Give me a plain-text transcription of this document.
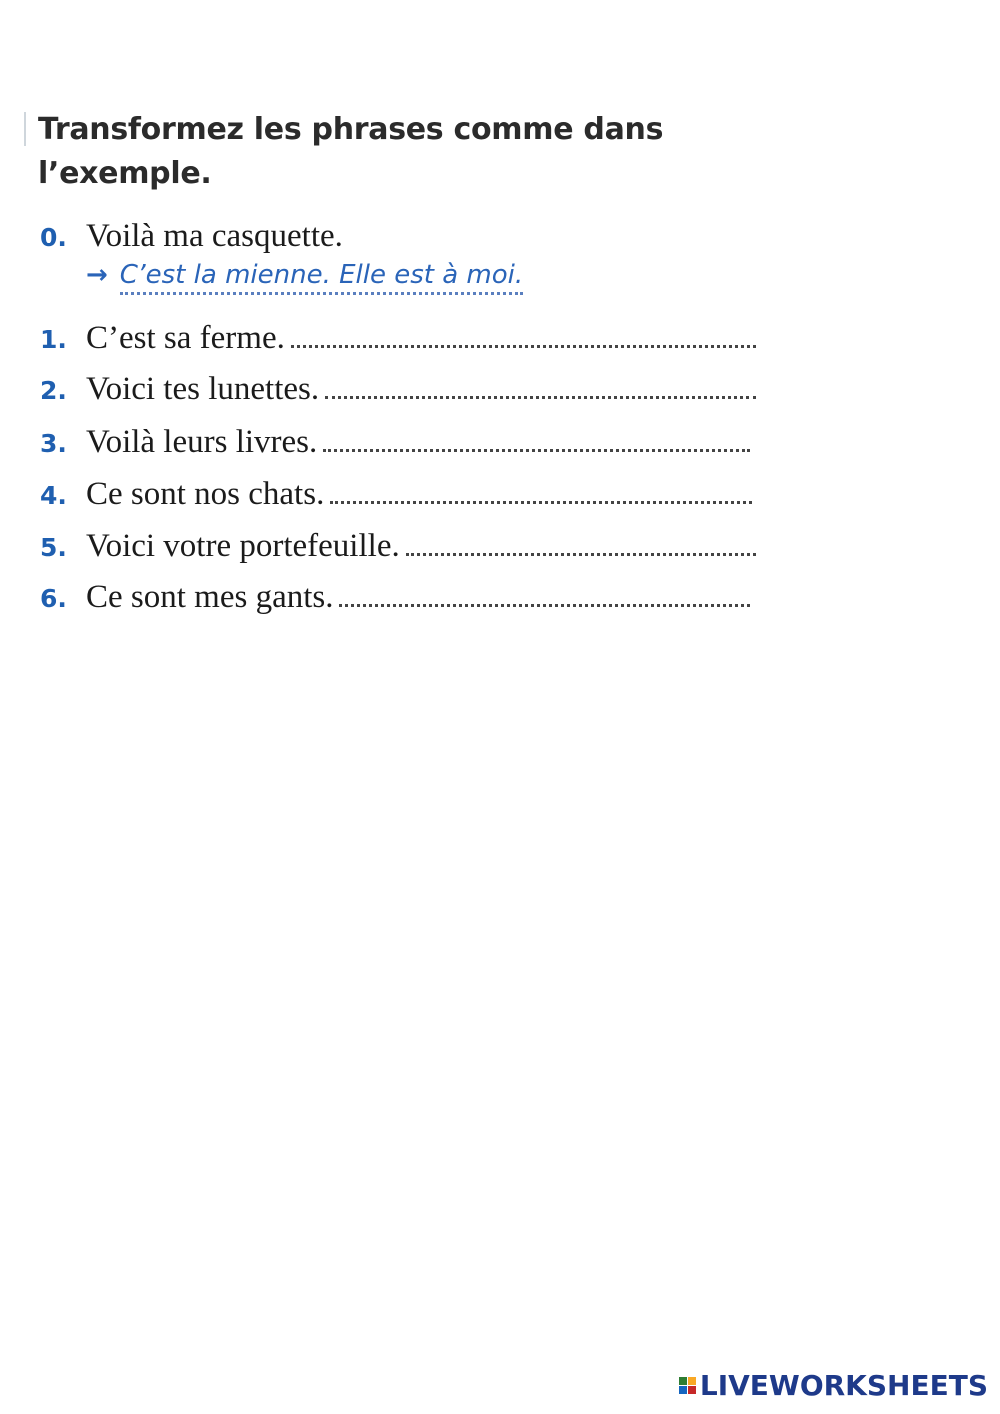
Transformez les phrases comme dans
l’exemple.
0. Voilà ma casquette.
→ C’est la mienne. Elle est à moi.
1. C’est sa ferme.
2. Voici tes lunettes.
3. Voilà leurs livres.
4. Ce sont nos chats.
5. Voici votre portefeuille.
6. Ce sont mes gants.
LIVEWORKSHEETS
